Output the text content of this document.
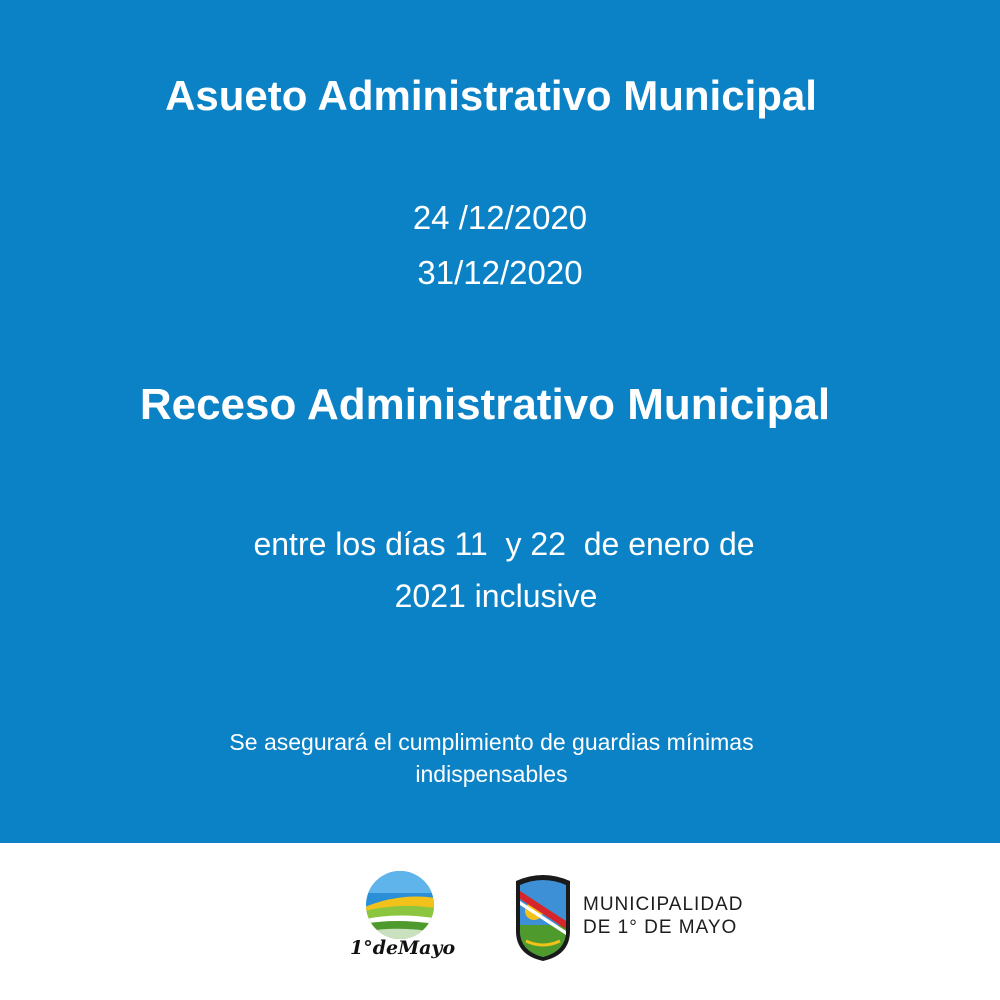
Asueto Administrativo Municipal
24 /12/2020
31/12/2020
Receso Administrativo Municipal
entre los días 11  y 22  de enero de
2021 inclusive
Se asegurará el cumplimiento de guardias mínimas
indispensables
1°deMayo
MUNICIPALIDAD
DE 1° DE MAYO
